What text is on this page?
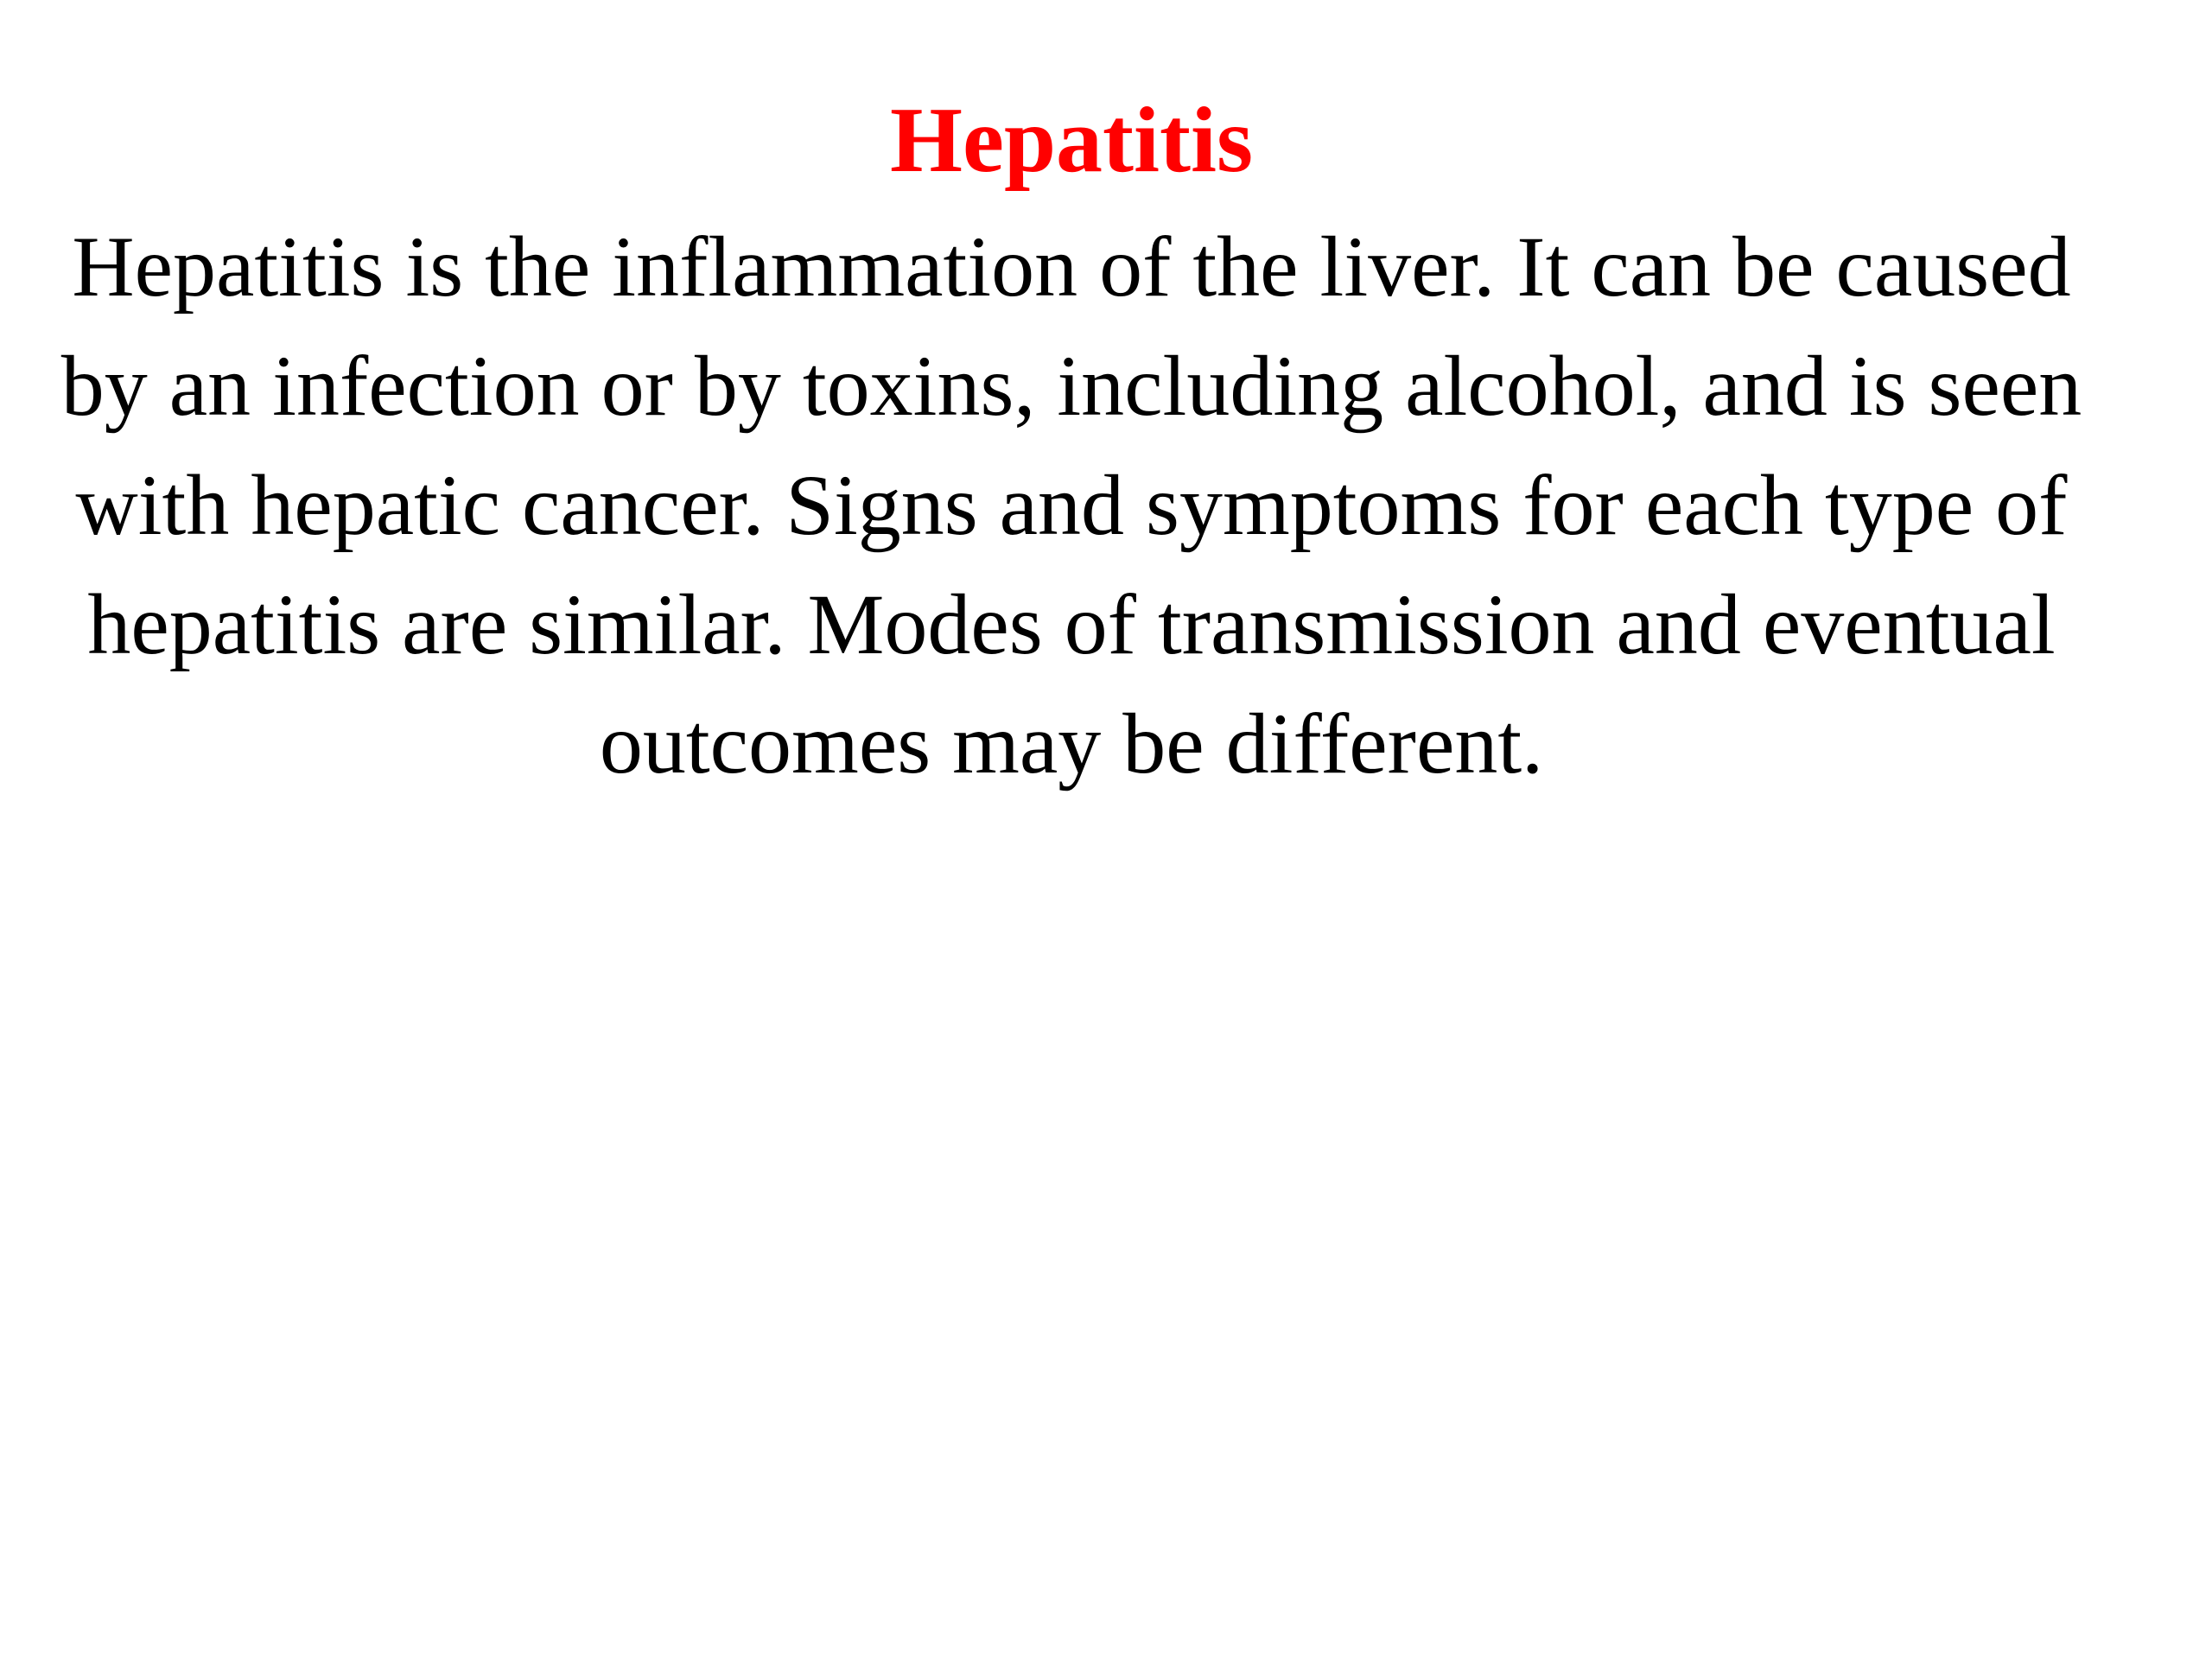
Hepatitis

Hepatitis is the inflammation of the liver. It can be caused by an infection or by toxins, including alcohol, and is seen with hepatic cancer. Signs and symptoms for each type of hepatitis are similar. Modes of transmission and eventual outcomes may be different.
